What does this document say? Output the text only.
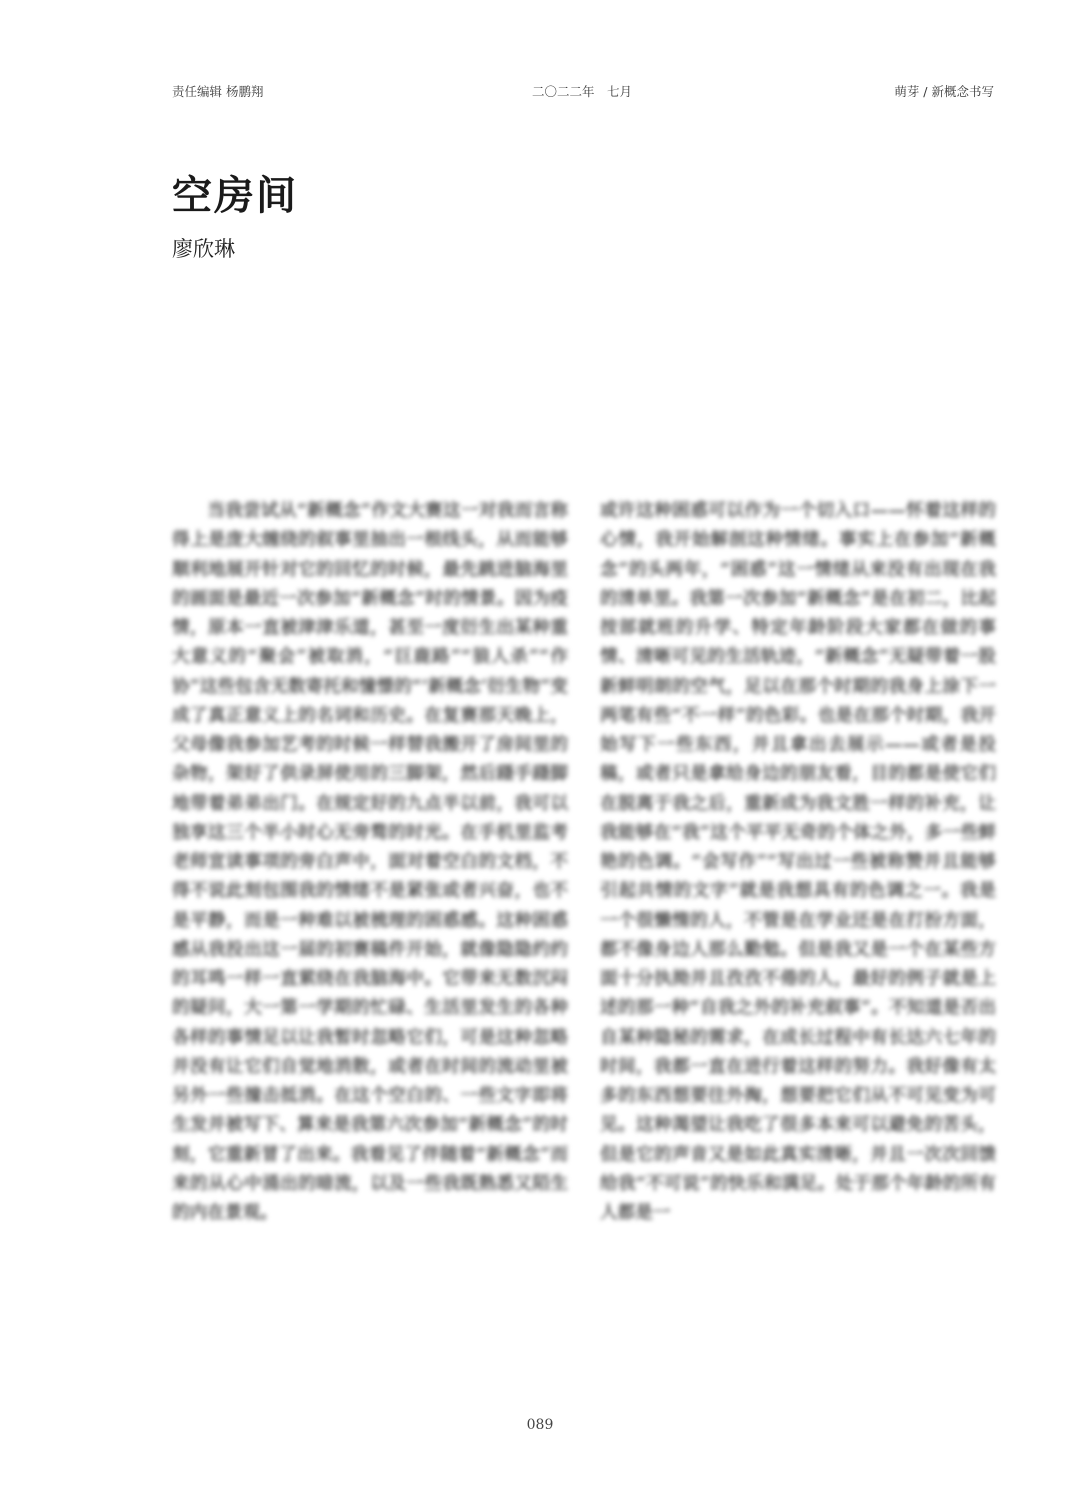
责任编辑 杨鹏翔	二〇二二年　七月	萌芽 / 新概念书写
空房间
廖欣琳

当我尝试从“新概念”作文大赛这一对我而言称得上是庞大缠绕的叙事里抽出一根线头，从而能够顺利地展开针对它的回忆的时候，最先跳进脑海里的画面是最近一次参加“新概念”时的情景。因为疫情，原本一直被津津乐道，甚至一度衍生出某种重大意义的“聚会”被取消，“巨鹿路”“狼人杀”“作协”这些包含无数寄托和憧憬的“‘新概念’衍生物”变成了真正意义上的名词和历史。在复赛那天晚上，父母像我参加艺考的时候一样替我搬开了房间里的杂物，架好了供录屏使用的三脚架，然后蹑手蹑脚地带着弟弟出门。在规定好的九点半以前，我可以独享这三个半小时心无旁骛的时光。在手机里监考老师宣读事项的旁白声中，面对着空白的文档，不得不说此刻包围我的情绪不是紧张或者兴奋，也不是平静，而是一种难以被梳理的困惑感。这种困惑感从我投出这一届的初赛稿件开始，就像隐隐约约的耳鸣一样一直萦绕在我脑海中。它带来无数沉闷的疑问，大一第一学期的忙碌、生活里发生的各种各样的事情足以让我暂时忽略它们，可是这种忽略并没有让它们自觉地消散，或者在时间的流动里被另外一些撞击抵消。在这个空白的、一些文字即将生发并被写下、算来是我第六次参加“新概念”的时刻，它重新冒了出来。我看见了伴随着“新概念”而来的从心中涌出的暗流，以及一些我既熟悉又陌生的内在景观。

或许这种困惑可以作为一个切入口——怀着这样的心情，我开始解剖这种情绪。事实上在参加“新概念”的头两年，“困惑”这一情绪从来没有出现在我的清单里。我第一次参加“新概念”是在初二，比起按部就班的升学、特定年龄阶段大家都在做的事情、清晰可见的生活轨迹，“新概念”无疑带着一股新鲜明朗的空气，足以在那个时期的我身上涂下一两笔有些“不一样”的色彩。也是在那个时期，我开始写下一些东西，并且拿出去展示——或者是投稿，或者只是拿给身边的朋友看，目的都是使它们在脱离于我之后，重新成为我文胜一样的补充，让我能够在“我”这个平平无奇的个体之外，多一些鲜艳的色调。“会写作”“写出过一些被称赞并且能够引起共情的文字”就是我想具有的色调之一。我是一个很懒惰的人，不管是在学业还是在打扮方面，都不像身边人那么勤勉。但是我又是一个在某些方面十分执拗并且孜孜不倦的人，最好的例子就是上述的那一种“自我之外的补充叙事”。不知道是否出自某种隐秘的需求，在成长过程中有长达六七年的时间，我都一直在进行着这样的努力。我好像有太多的东西想要往外掏，想要把它们从不可见变为可见。这种渴望让我吃了很多本来可以避免的苦头，但是它的声音又是如此真实清晰，并且一次次回馈给我“不可说”的快乐和满足。处于那个年龄的所有人都是一

089
